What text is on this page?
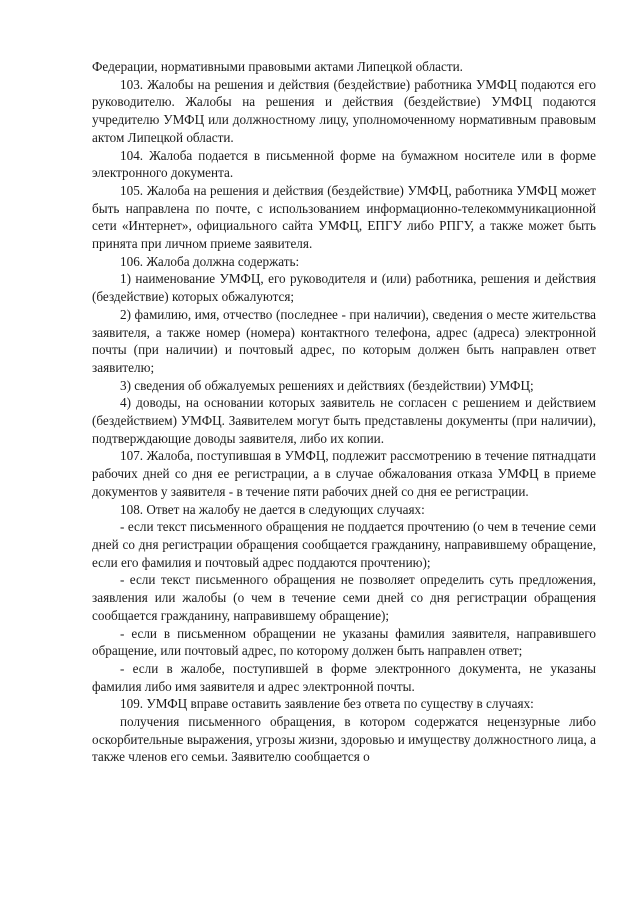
Федерации, нормативными правовыми актами Липецкой области.

103. Жалобы на решения и действия (бездействие) работника УМФЦ подаются его руководителю. Жалобы на решения и действия (бездействие) УМФЦ подаются учредителю УМФЦ или должностному лицу, уполномоченному нормативным правовым актом Липецкой области.

104. Жалоба подается в письменной форме на бумажном носителе или в форме электронного документа.

105. Жалоба на решения и действия (бездействие) УМФЦ, работника УМФЦ может быть направлена по почте, с использованием информационно-телекоммуникационной сети «Интернет», официального сайта УМФЦ, ЕПГУ либо РПГУ, а также может быть принята при личном приеме заявителя.

106. Жалоба должна содержать:

1) наименование УМФЦ, его руководителя и (или) работника, решения и действия (бездействие) которых обжалуются;

2) фамилию, имя, отчество (последнее - при наличии), сведения о месте жительства заявителя, а также номер (номера) контактного телефона, адрес (адреса) электронной почты (при наличии) и почтовый адрес, по которым должен быть направлен ответ заявителю;

3) сведения об обжалуемых решениях и действиях (бездействии) УМФЦ;

4) доводы, на основании которых заявитель не согласен с решением и действием (бездействием) УМФЦ. Заявителем могут быть представлены документы (при наличии), подтверждающие доводы заявителя, либо их копии.

107. Жалоба, поступившая в УМФЦ, подлежит рассмотрению в течение пятнадцати рабочих дней со дня ее регистрации, а в случае обжалования отказа УМФЦ в приеме документов у заявителя - в течение пяти рабочих дней со дня ее регистрации.

108. Ответ на жалобу не дается в следующих случаях:

- если текст письменного обращения не поддается прочтению (о чем в течение семи дней со дня регистрации обращения сообщается гражданину, направившему обращение, если его фамилия и почтовый адрес поддаются прочтению);

- если текст письменного обращения не позволяет определить суть предложения, заявления или жалобы (о чем в течение семи дней со дня регистрации обращения сообщается гражданину, направившему обращение);

- если в письменном обращении не указаны фамилия заявителя, направившего обращение, или почтовый адрес, по которому должен быть направлен ответ;

- если в жалобе, поступившей в форме электронного документа, не указаны фамилия либо имя заявителя и адрес электронной почты.

109. УМФЦ вправе оставить заявление без ответа по существу в случаях:

получения письменного обращения, в котором содержатся нецензурные либо оскорбительные выражения, угрозы жизни, здоровью и имуществу должностного лица, а также членов его семьи. Заявителю сообщается о
